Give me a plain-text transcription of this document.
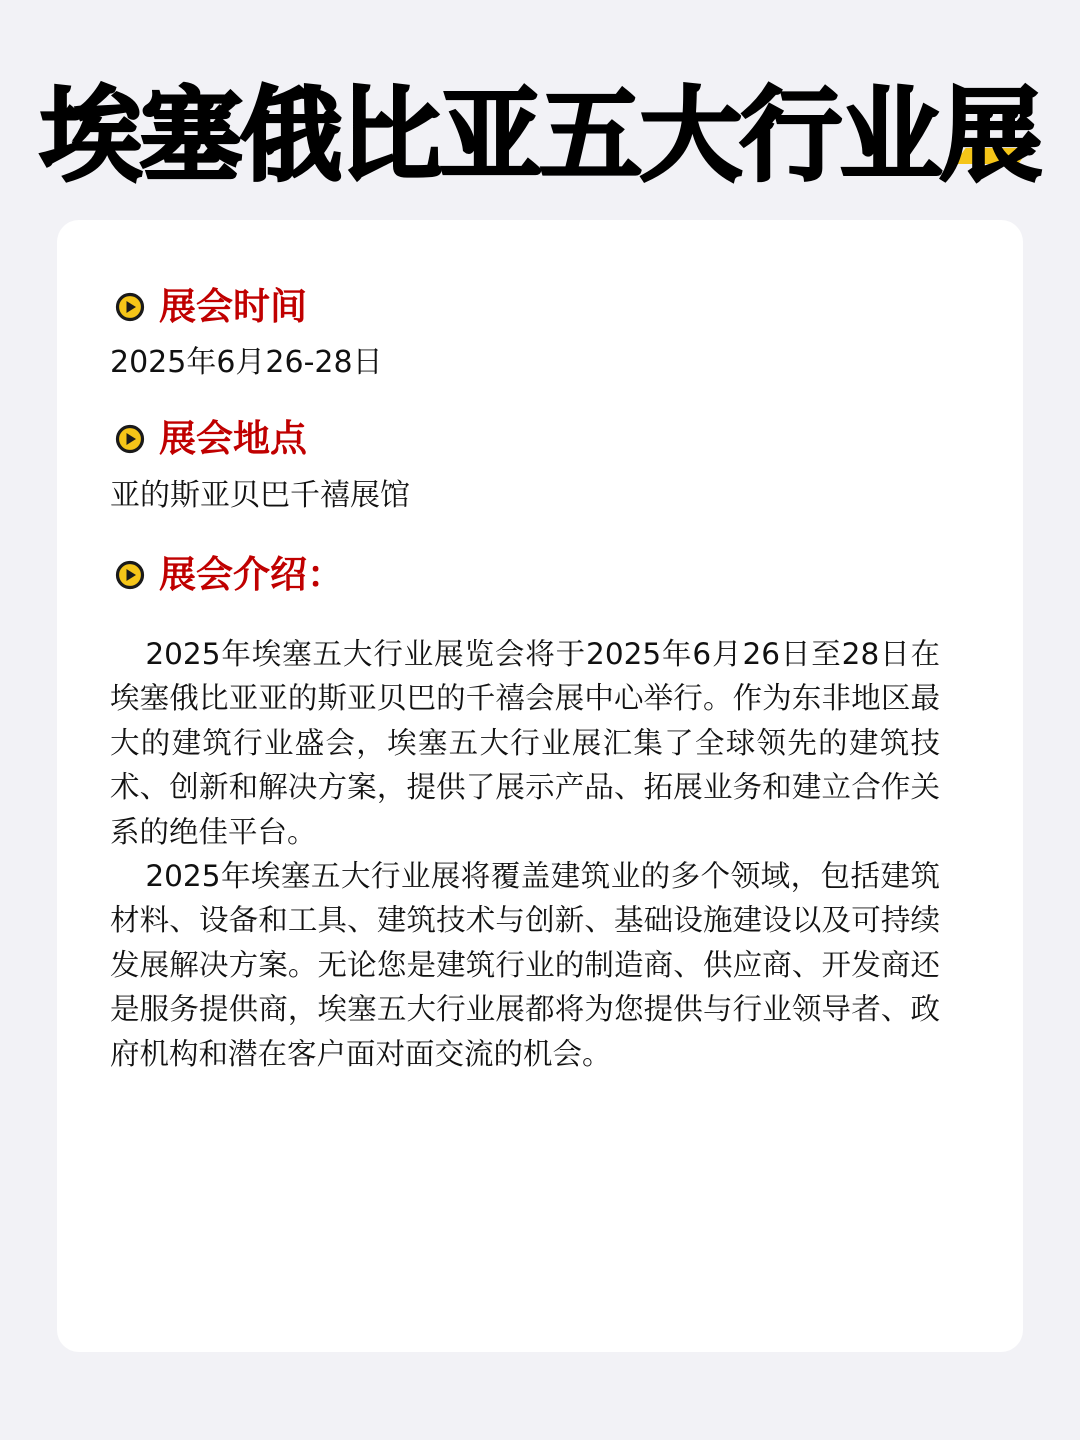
埃塞俄比亚五大行业展
展会时间
2025年6月26-28日
展会地点
亚的斯亚贝巴千禧展馆
展会介绍：

2025年埃塞五大行业展览会将于2025年6月26日至28日在埃塞俄比亚亚的斯亚贝巴的千禧会展中心举行。作为东非地区最大的建筑行业盛会，埃塞五大行业展汇集了全球领先的建筑技术、创新和解决方案，提供了展示产品、拓展业务和建立合作关系的绝佳平台。

2025年埃塞五大行业展将覆盖建筑业的多个领域，包括建筑材料、设备和工具、建筑技术与创新、基础设施建设以及可持续发展解决方案。无论您是建筑行业的制造商、供应商、开发商还是服务提供商，埃塞五大行业展都将为您提供与行业领导者、政府机构和潜在客户面对面交流的机会。
